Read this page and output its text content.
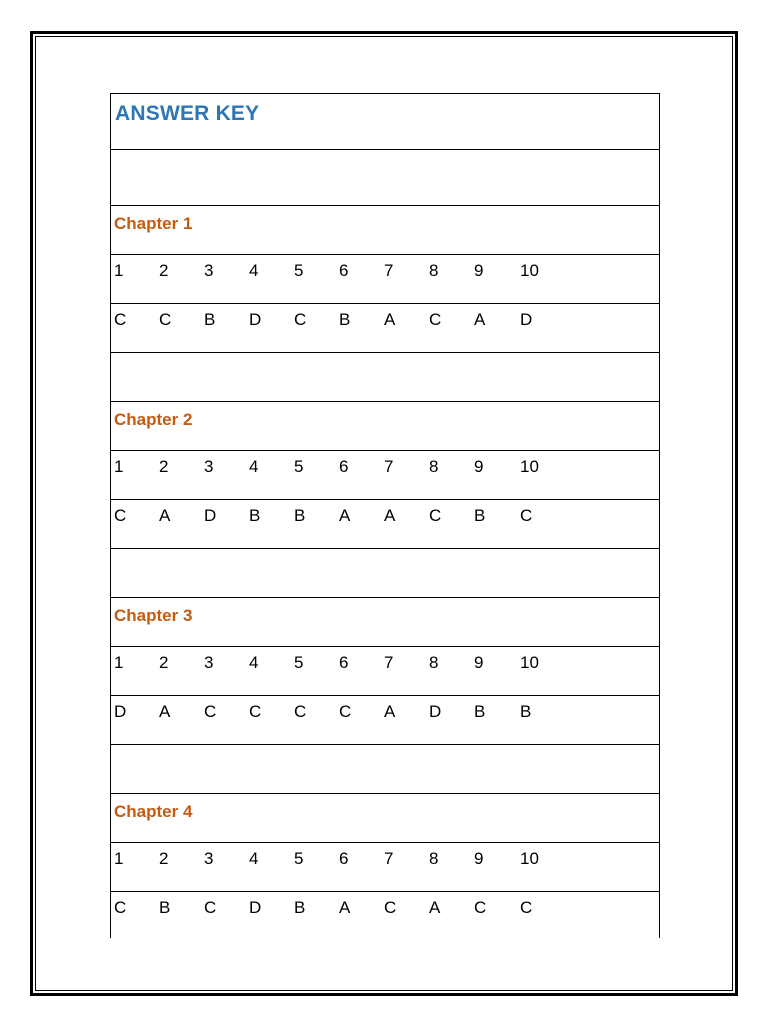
ANSWER KEY
Chapter 1
1 2 3 4 5 6 7 8 9 10
C C B D C B A C A D
Chapter 2
1 2 3 4 5 6 7 8 9 10
C A D B B A A C B C
Chapter 3
1 2 3 4 5 6 7 8 9 10
D A C C C C A D B B
Chapter 4
1 2 3 4 5 6 7 8 9 10
C B C D B A C A C C
